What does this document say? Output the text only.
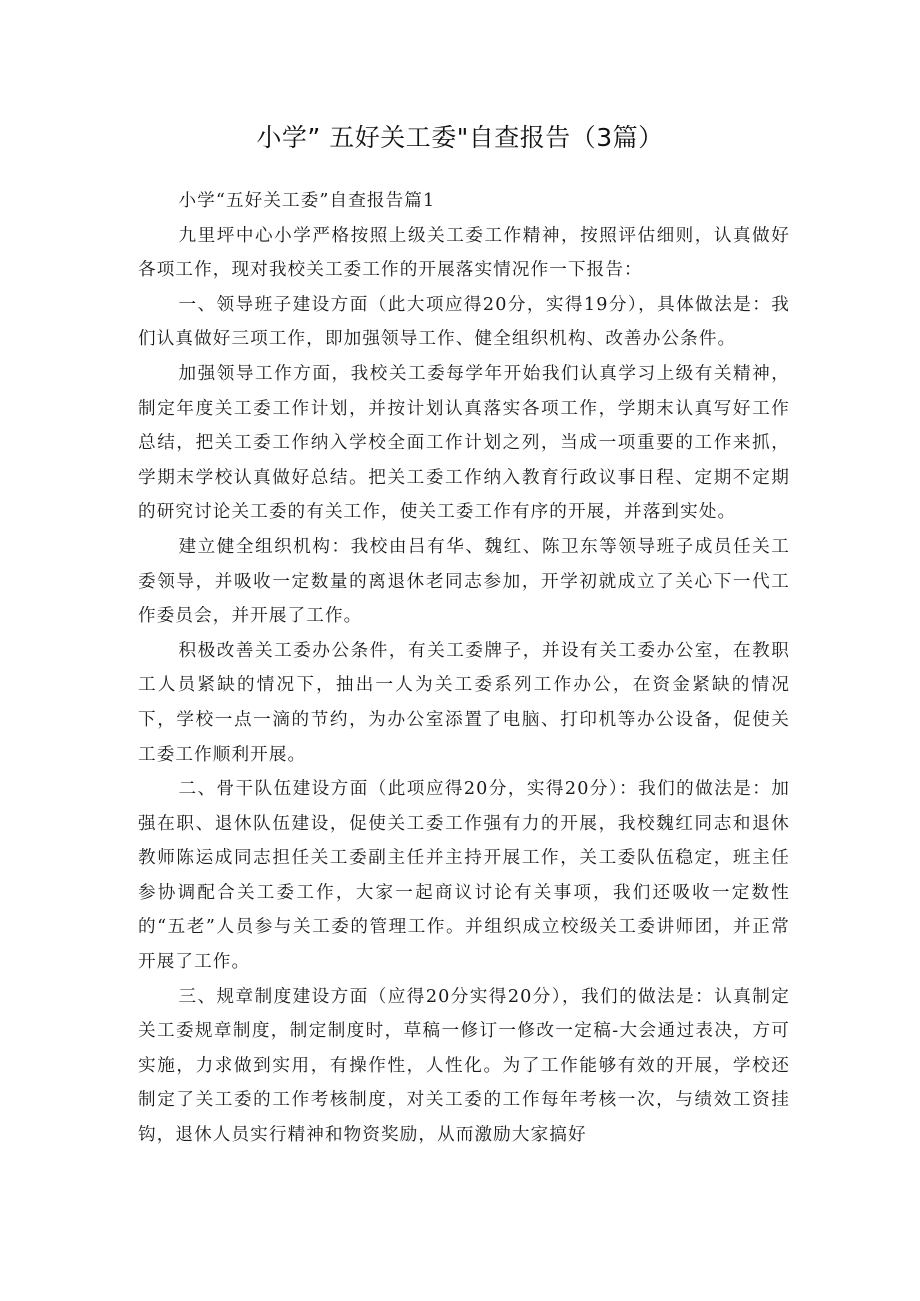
小学” 五好关工委"自查报告（3篇）

小学“五好关工委”自查报告篇1

九里坪中心小学严格按照上级关工委工作精神，按照评估细则，认真做好各项工作，现对我校关工委工作的开展落实情况作一下报告：

一、领导班子建设方面（此大项应得20分，实得19分），具体做法是：我们认真做好三项工作，即加强领导工作、健全组织机构、改善办公条件。

加强领导工作方面，我校关工委每学年开始我们认真学习上级有关精神，制定年度关工委工作计划，并按计划认真落实各项工作，学期末认真写好工作总结，把关工委工作纳入学校全面工作计划之列，当成一项重要的工作来抓，学期末学校认真做好总结。把关工委工作纳入教育行政议事日程、定期不定期的研究讨论关工委的有关工作，使关工委工作有序的开展，并落到实处。

建立健全组织机构：我校由吕有华、魏红、陈卫东等领导班子成员任关工委领导，并吸收一定数量的离退休老同志参加，开学初就成立了关心下一代工作委员会，并开展了工作。

积极改善关工委办公条件，有关工委牌子，并设有关工委办公室，在教职工人员紧缺的情况下，抽出一人为关工委系列工作办公，在资金紧缺的情况下，学校一点一滴的节约，为办公室添置了电脑、打印机等办公设备，促使关工委工作顺利开展。

二、骨干队伍建设方面（此项应得20分，实得20分）：我们的做法是：加强在职、退休队伍建设，促使关工委工作强有力的开展，我校魏红同志和退休教师陈运成同志担任关工委副主任并主持开展工作，关工委队伍稳定，班主任参协调配合关工委工作，大家一起商议讨论有关事项，我们还吸收一定数性的“五老”人员参与关工委的管理工作。并组织成立校级关工委讲师团，并正常开展了工作。

三、规章制度建设方面（应得20分实得20分），我们的做法是：认真制定关工委规章制度，制定制度时，草稿一修订一修改一定稿-大会通过表决，方可实施，力求做到实用，有操作性，人性化。为了工作能够有效的开展，学校还制定了关工委的工作考核制度，对关工委的工作每年考核一次，与绩效工资挂钩，退休人员实行精神和物资奖励，从而激励大家搞好
